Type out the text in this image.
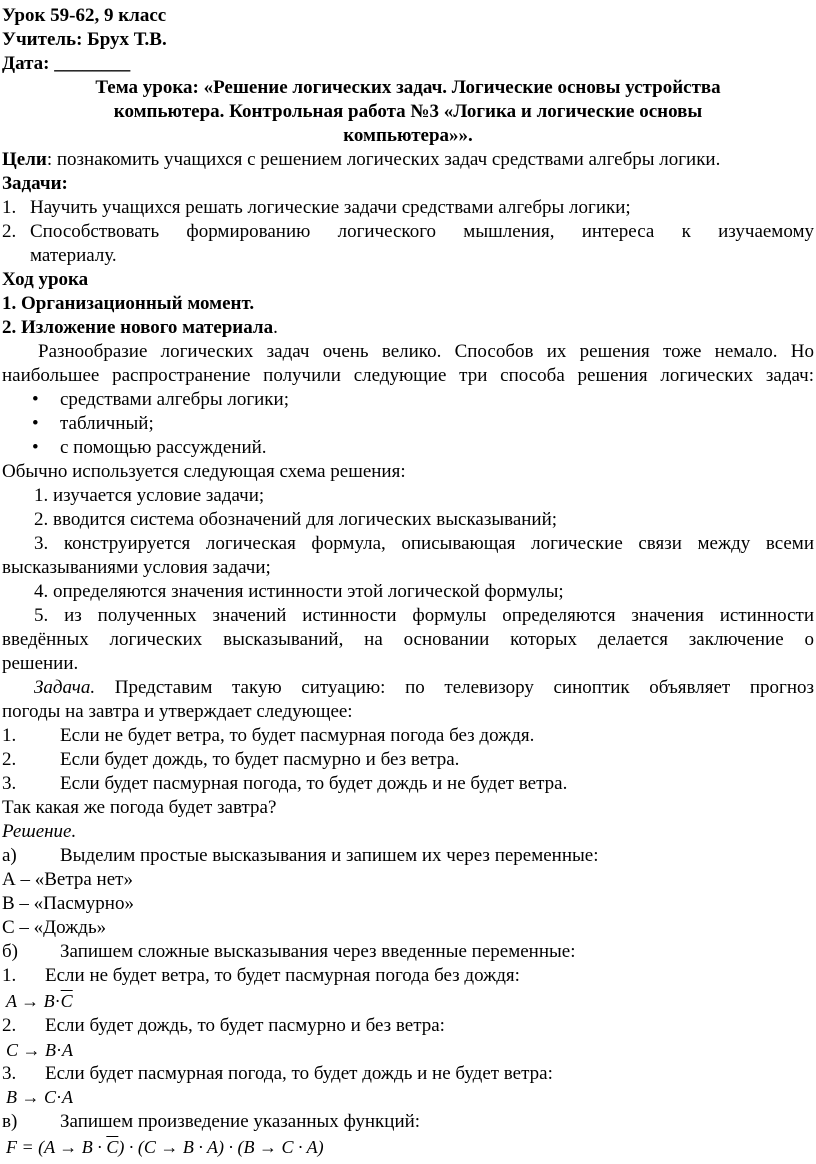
Урок 59-62, 9 класс
Учитель: Брух Т.В.
Дата: ________
Тема урока: «Решение логических задач. Логические основы устройства
компьютера. Контрольная работа №3 «Логика и логические основы
компьютера»».
Цели: познакомить учащихся с решением логических задач средствами алгебры логики.
Задачи:
1. Научить учащихся решать логические задачи средствами алгебры логики;
2. Способствовать формированию логического мышления, интереса к изучаемому
материалу.
Ход урока
1. Организационный момент.
2. Изложение нового материала.
Разнообразие логических задач очень велико. Способов их решения тоже немало. Но
наибольшее распространение получили следующие три способа решения логических задач:
• средствами алгебры логики;

• табличный;

• с помощью рассуждений.

Обычно используется следующая схема решения:
1. изучается условие задачи;
2. вводится система обозначений для логических высказываний;
3. конструируется логическая формула, описывающая логические связи между всеми
высказываниями условия задачи;
4. определяются значения истинности этой логической формулы;
5. из полученных значений истинности формулы определяются значения истинности
введённых логических высказываний, на основании которых делается заключение о
решении.
Задача. Представим такую ситуацию: по телевизору синоптик объявляет прогноз
погоды на завтра и утверждает следующее:
1. Если не будет ветра, то будет пасмурная погода без дождя.
2. Если будет дождь, то будет пасмурно и без ветра.
3. Если будет пасмурная погода, то будет дождь и не будет ветра.
Так какая же погода будет завтра?
Решение.
а) Выделим простые высказывания и запишем их через переменные:
А – «Ветра нет»
В – «Пасмурно»
С – «Дождь»
б) Запишем сложные высказывания через введенные переменные:
1. Если не будет ветра, то будет пасмурная погода без дождя:
$A \to B\cdot\overline{C}$
2. Если будет дождь, то будет пасмурно и без ветра:
C → B·A
3. Если будет пасмурная погода, то будет дождь и не будет ветра:
B → C·A
в) Запишем произведение указанных функций:
$F = (A \to B \cdot \overline{C}) \cdot (C \to B \cdot A) \cdot (B \to C \cdot A)$
